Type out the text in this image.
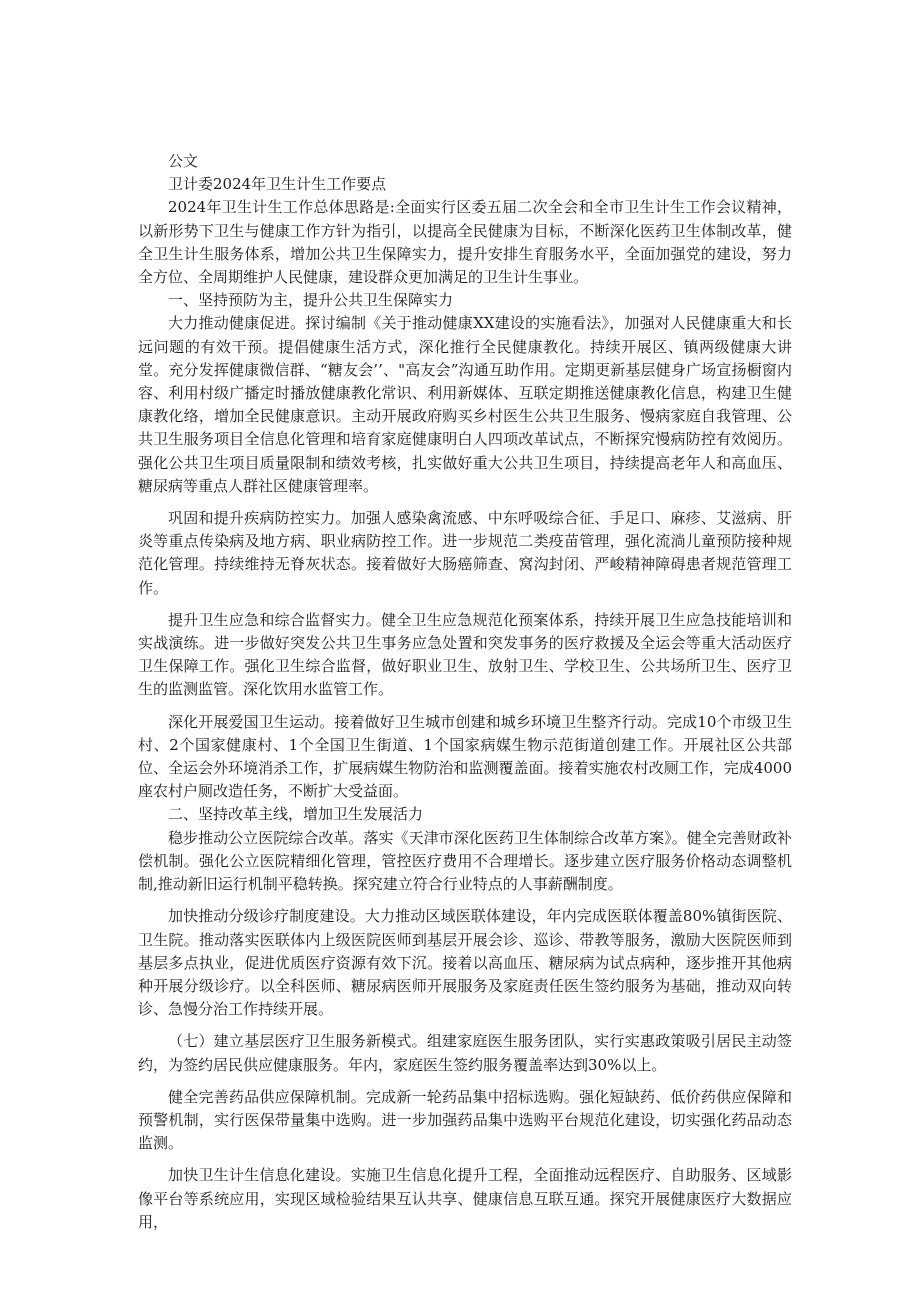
公文

卫计委2024年卫生计生工作要点

2024年卫生计生工作总体思路是:全面实行区委五届二次全会和全市卫生计生工作会议精神，以新形势下卫生与健康工作方针为指引，以提高全民健康为目标，不断深化医药卫生体制改革，健全卫生计生服务体系，增加公共卫生保障实力，提升安排生育服务水平，全面加强党的建设，努力全方位、全周期维护人民健康，建设群众更加满足的卫生计生事业。

一、坚持预防为主，提升公共卫生保障实力

大力推动健康促进。探讨编制《关于推动健康XX建设的实施看法》，加强对人民健康重大和长远问题的有效干预。提倡健康生活方式，深化推行全民健康教化。持续开展区、镇两级健康大讲堂。充分发挥健康微信群、“糖友会’’、"高友会”沟通互助作用。定期更新基层健身广场宣扬橱窗内容、利用村级广播定时播放健康教化常识、利用新媒体、互联定期推送健康教化信息，构建卫生健康教化络，增加全民健康意识。主动开展政府购买乡村医生公共卫生服务、慢病家庭自我管理、公共卫生服务项目全信息化管理和培育家庭健康明白人四项改革试点，不断探究慢病防控有效阅历。强化公共卫生项目质量限制和绩效考核，扎实做好重大公共卫生项目，持续提高老年人和高血压、糖尿病等重点人群社区健康管理率。

巩固和提升疾病防控实力。加强人感染禽流感、中东呼吸综合征、手足口、麻疹、艾滋病、肝炎等重点传染病及地方病、职业病防控工作。进一步规范二类疫苗管理，强化流淌儿童预防接种规范化管理。持续维持无脊灰状态。接着做好大肠癌筛查、窝沟封闭、严峻精神障碍患者规范管理工作。

提升卫生应急和综合监督实力。健全卫生应急规范化预案体系，持续开展卫生应急技能培训和实战演练。进一步做好突发公共卫生事务应急处置和突发事务的医疗救援及全运会等重大活动医疗卫生保障工作。强化卫生综合监督，做好职业卫生、放射卫生、学校卫生、公共场所卫生、医疗卫生的监测监管。深化饮用水监管工作。

深化开展爱国卫生运动。接着做好卫生城市创建和城乡环境卫生整齐行动。完成10个市级卫生村、2个国家健康村、1个全国卫生街道、1个国家病媒生物示范街道创建工作。开展社区公共部位、全运会外环境消杀工作，扩展病媒生物防治和监测覆盖面。接着实施农村改厕工作，完成4000座农村户厕改造任务，不断扩大受益面。

二、坚持改革主线，增加卫生发展活力

稳步推动公立医院综合改革。落实《天津市深化医药卫生体制综合改革方案》。健全完善财政补偿机制。强化公立医院精细化管理，管控医疗费用不合理增长。逐步建立医疗服务价格动态调整机制,推动新旧运行机制平稳转换。探究建立符合行业特点的人事薪酬制度。

加快推动分级诊疗制度建设。大力推动区域医联体建设，年内完成医联体覆盖80%镇街医院、卫生院。推动落实医联体内上级医院医师到基层开展会诊、巡诊、带教等服务，激励大医院医师到基层多点执业，促进优质医疗资源有效下沉。接着以高血压、糖尿病为试点病种，逐步推开其他病种开展分级诊疗。以全科医师、糖尿病医师开展服务及家庭责任医生签约服务为基础，推动双向转诊、急慢分治工作持续开展。

（七）建立基层医疗卫生服务新模式。组建家庭医生服务团队，实行实惠政策吸引居民主动签约，为签约居民供应健康服务。年内，家庭医生签约服务覆盖率达到30%以上。

健全完善药品供应保障机制。完成新一轮药品集中招标选购。强化短缺药、低价药供应保障和预警机制，实行医保带量集中选购。进一步加强药品集中选购平台规范化建设，切实强化药品动态监测。

加快卫生计生信息化建设。实施卫生信息化提升工程，全面推动远程医疗、自助服务、区域影像平台等系统应用，实现区域检验结果互认共享、健康信息互联互通。探究开展健康医疗大数据应用，
